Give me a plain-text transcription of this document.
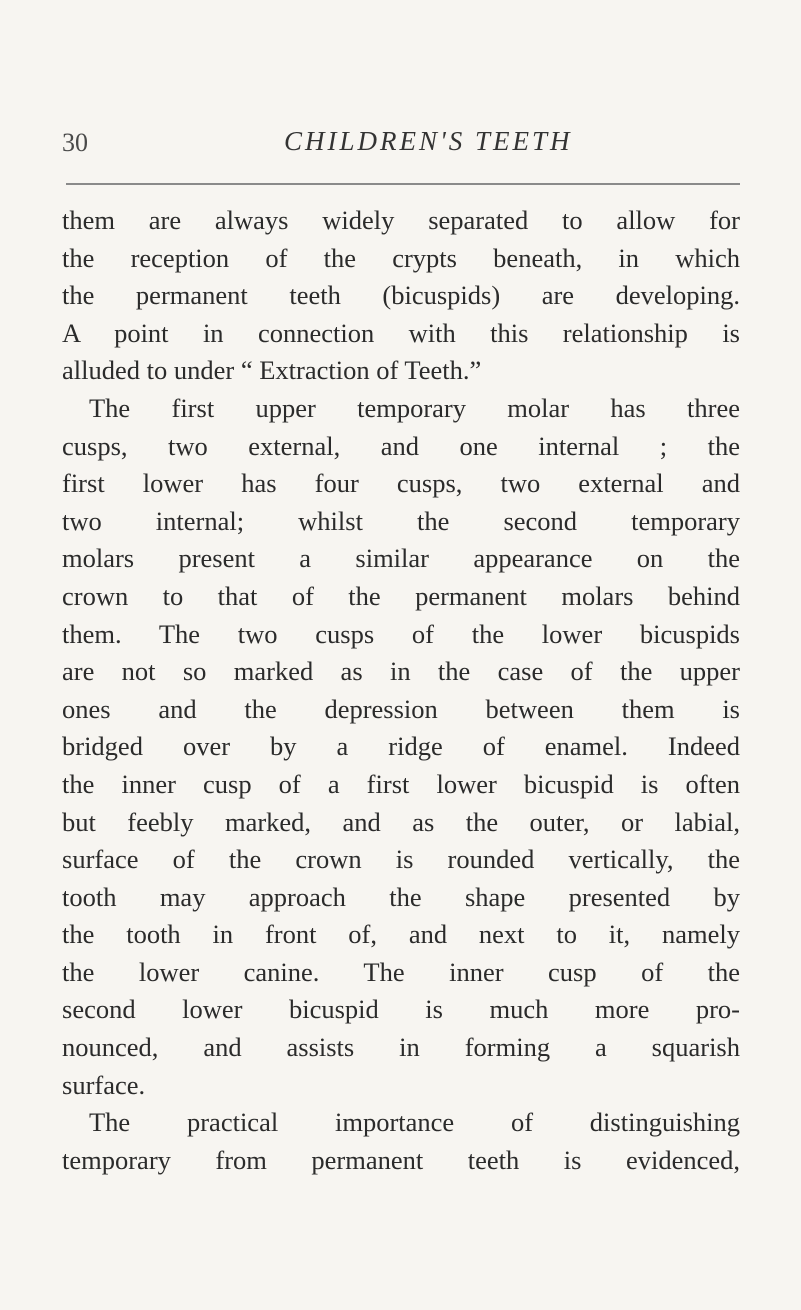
30	CHILDREN'S TEETH
them are always widely separated to allow for
the reception of the crypts beneath, in which
the permanent teeth (bicuspids) are developing.
A point in connection with this relationship is
alluded to under “ Extraction of Teeth.”
The first upper temporary molar has three
cusps, two external, and one internal ; the
first lower has four cusps, two external and
two internal; whilst the second temporary
molars present a similar appearance on the
crown to that of the permanent molars behind
them. The two cusps of the lower bicuspids
are not so marked as in the case of the upper
ones and the depression between them is
bridged over by a ridge of enamel. Indeed
the inner cusp of a first lower bicuspid is often
but feebly marked, and as the outer, or labial,
surface of the crown is rounded vertically, the
tooth may approach the shape presented by
the tooth in front of, and next to it, namely
the lower canine. The inner cusp of the
second lower bicuspid is much more pro-
nounced, and assists in forming a squarish
surface.
The practical importance of distinguishing
temporary from permanent teeth is evidenced,
